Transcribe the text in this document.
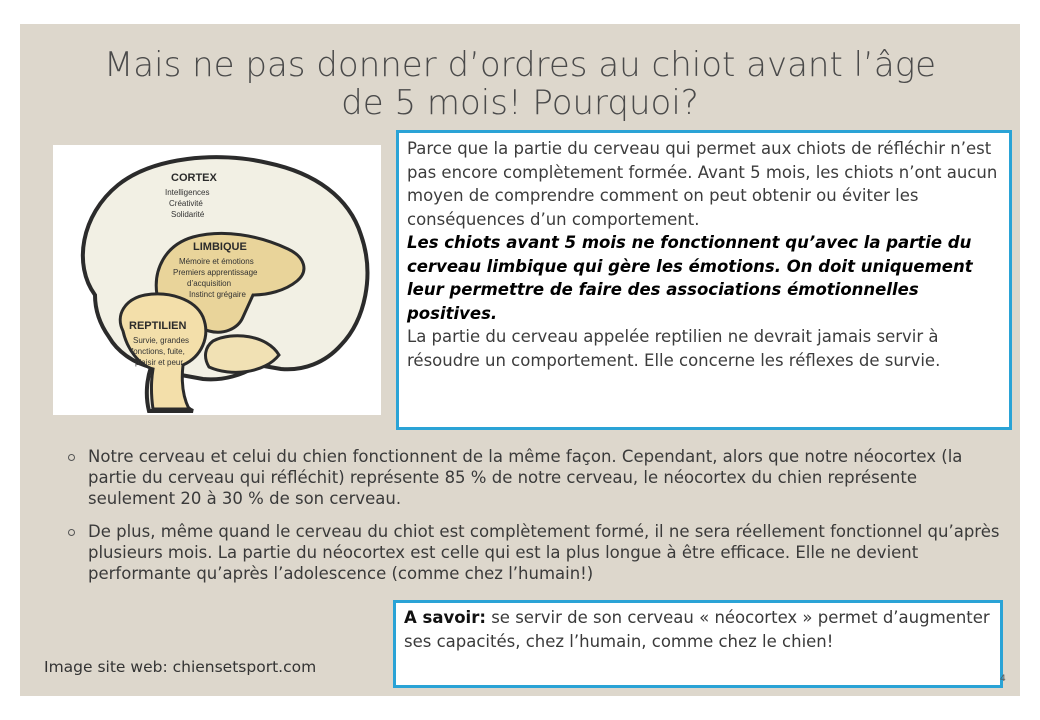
Mais ne pas donner d’ordres au chiot avant l’âge
de 5 mois! Pourquoi?
CORTEX
Intelligences
Créativité
Solidarité
LIMBIQUE
Mémoire et émotions
Premiers apprentissage
d’acquisition
Instinct grégaire
REPTILIEN
Survie, grandes
fonctions, fuite,
plaisir et peur

Parce que la partie du cerveau qui permet aux chiots de réfléchir n’est pas encore complètement formée. Avant 5 mois, les chiots n’ont aucun moyen de comprendre comment on peut obtenir ou éviter les conséquences d’un comportement.

Les chiots avant 5 mois ne fonctionnent qu’avec la partie du cerveau limbique qui gère les émotions. On doit uniquement leur permettre de faire des associations émotionnelles positives.

La partie du cerveau appelée reptilien ne devrait jamais servir à résoudre un comportement. Elle concerne les réflexes de survie.

Notre cerveau et celui du chien fonctionnent de la même façon. Cependant, alors que notre néocortex (la partie du cerveau qui réfléchit) représente 85 % de notre cerveau, le néocortex du chien représente seulement 20 à 30 % de son cerveau.
De plus, même quand le cerveau du chiot est complètement formé, il ne sera réellement fonctionnel qu’après plusieurs mois. La partie du néocortex est celle qui est la plus longue à être efficace. Elle ne devient performante qu’après l’adolescence (comme chez l’humain!)
A savoir: se servir de son cerveau « néocortex » permet d’augmenter ses capacités, chez l’humain, comme chez le chien!
Image site web: chiensetsport.com
4
